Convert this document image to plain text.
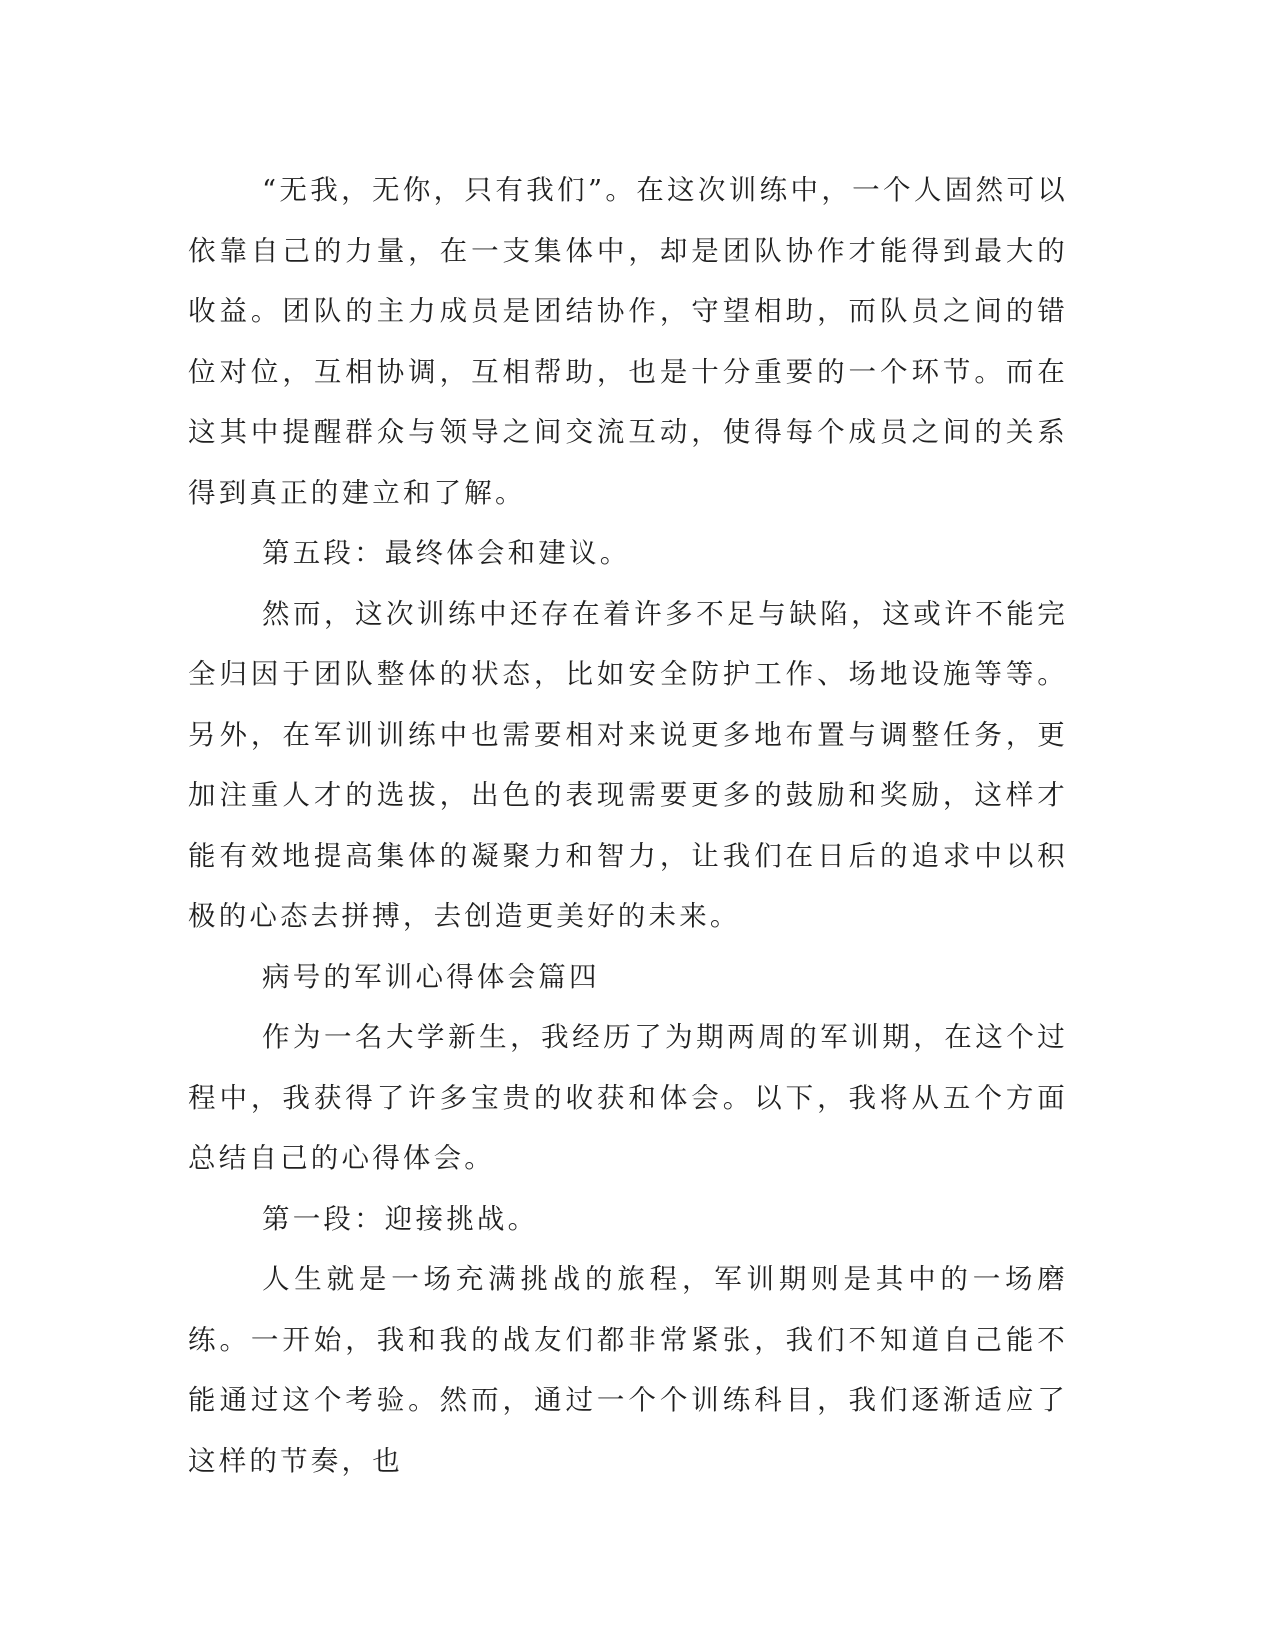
“无我，无你，只有我们”。在这次训练中，一个人固然可以依靠自己的力量，在一支集体中，却是团队协作才能得到最大的收益。团队的主力成员是团结协作，守望相助，而队员之间的错位对位，互相协调，互相帮助，也是十分重要的一个环节。而在这其中提醒群众与领导之间交流互动，使得每个成员之间的关系得到真正的建立和了解。

第五段：最终体会和建议。

然而，这次训练中还存在着许多不足与缺陷，这或许不能完全归因于团队整体的状态，比如安全防护工作、场地设施等等。另外，在军训训练中也需要相对来说更多地布置与调整任务，更加注重人才的选拔，出色的表现需要更多的鼓励和奖励，这样才能有效地提高集体的凝聚力和智力，让我们在日后的追求中以积极的心态去拼搏，去创造更美好的未来。

病号的军训心得体会篇四

作为一名大学新生，我经历了为期两周的军训期，在这个过程中，我获得了许多宝贵的收获和体会。以下，我将从五个方面总结自己的心得体会。

第一段：迎接挑战。

人生就是一场充满挑战的旅程，军训期则是其中的一场磨练。一开始，我和我的战友们都非常紧张，我们不知道自己能不能通过这个考验。然而，通过一个个训练科目，我们逐渐适应了这样的节奏，也
